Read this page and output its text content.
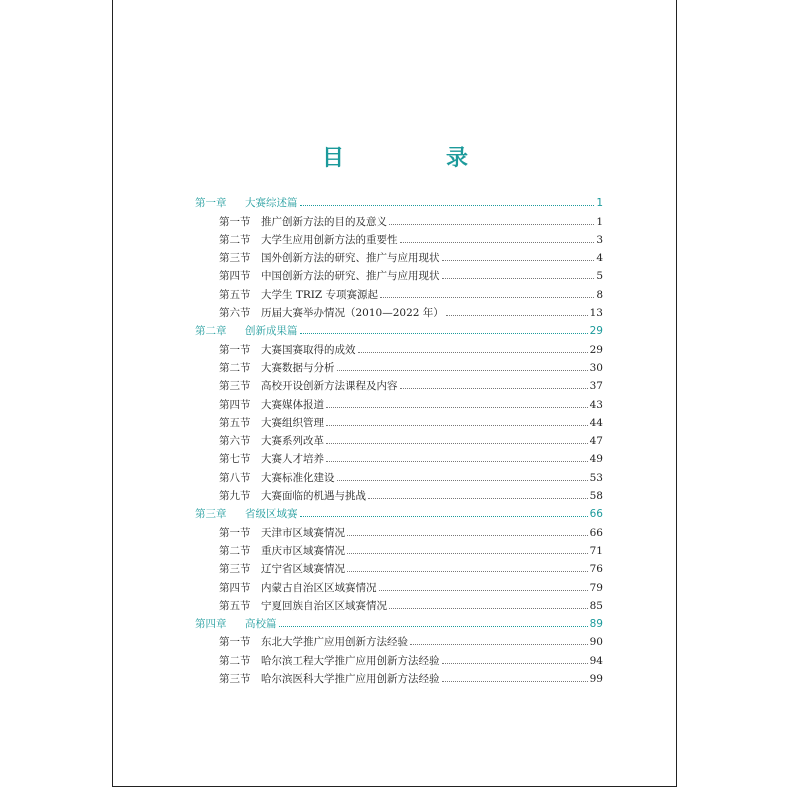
目　录
第一章	大赛综述篇	1
第一节	推广创新方法的目的及意义	1
第二节	大学生应用创新方法的重要性	3
第三节	国外创新方法的研究、推广与应用现状	4
第四节	中国创新方法的研究、推广与应用现状	5
第五节	大学生 TRIZ 专项赛源起	8
第六节	历届大赛举办情况（2010—2022 年）	13
第二章	创新成果篇	29
第一节	大赛国赛取得的成效	29
第二节	大赛数据与分析	30
第三节	高校开设创新方法课程及内容	37
第四节	大赛媒体报道	43
第五节	大赛组织管理	44
第六节	大赛系列改革	47
第七节	大赛人才培养	49
第八节	大赛标准化建设	53
第九节	大赛面临的机遇与挑战	58
第三章	省级区域赛	66
第一节	天津市区域赛情况	66
第二节	重庆市区域赛情况	71
第三节	辽宁省区域赛情况	76
第四节	内蒙古自治区区域赛情况	79
第五节	宁夏回族自治区区域赛情况	85
第四章	高校篇	89
第一节	东北大学推广应用创新方法经验	90
第二节	哈尔滨工程大学推广应用创新方法经验	94
第三节	哈尔滨医科大学推广应用创新方法经验	99
